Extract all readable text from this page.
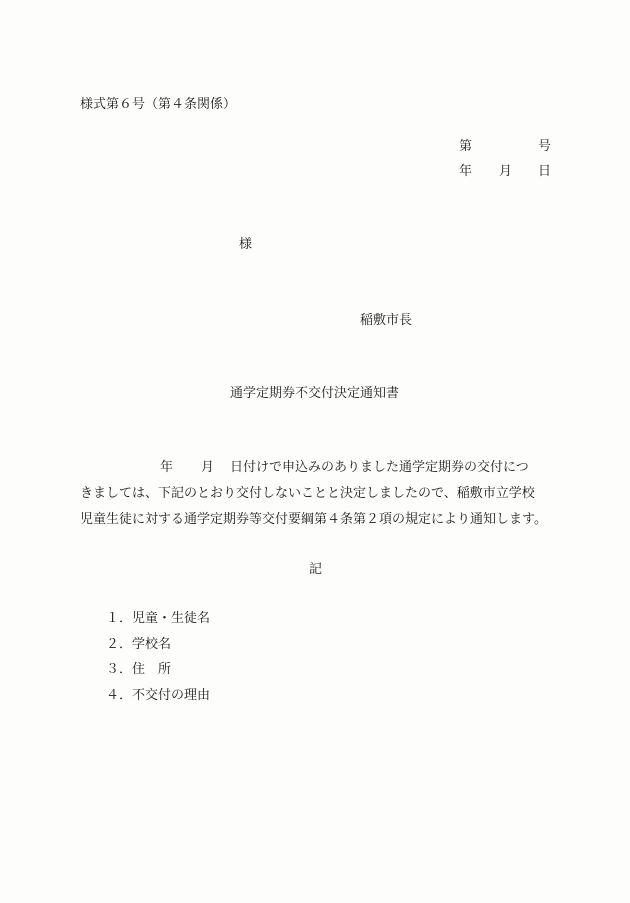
様式第６号（第４条関係）
第	号
年 月 日
様
稲敷市長
通学定期券不交付決定通知書
年 月 日付けで申込みのありました通学定期券の交付につ
きましては、下記のとおり交付しないことと決定しましたので、稲敷市立学校
児童生徒に対する通学定期券等交付要綱第４条第２項の規定により通知します。
記
１．児童・生徒名
２．学校名
３．住　所
４．不交付の理由
